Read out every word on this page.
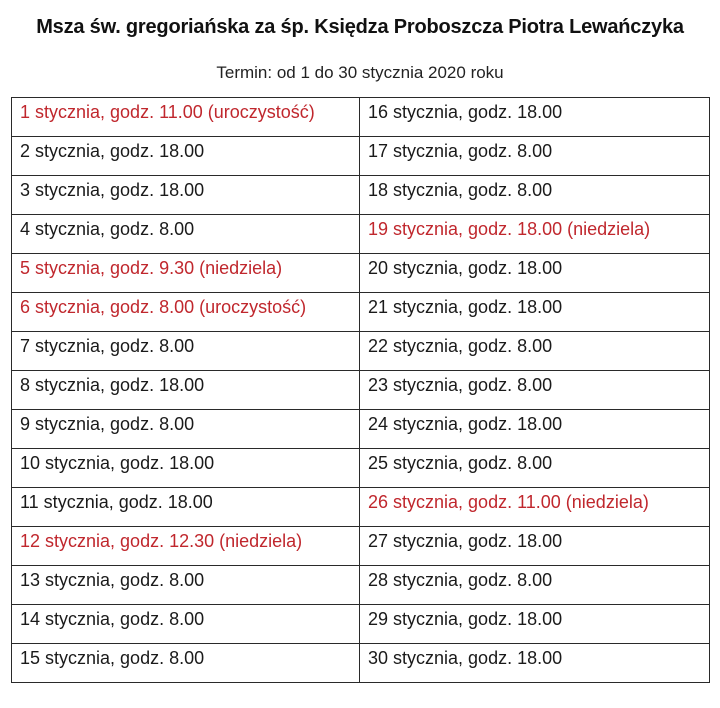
Msza św. gregoriańska za śp. Księdza Proboszcza Piotra Lewańczyka
Termin: od 1 do 30 stycznia 2020 roku
1 stycznia, godz. 11.00 (uroczystość)	16 stycznia, godz. 18.00
2 stycznia, godz. 18.00	17 stycznia, godz. 8.00
3 stycznia, godz. 18.00	18 stycznia, godz. 8.00
4 stycznia, godz. 8.00	19 stycznia, godz. 18.00 (niedziela)
5 stycznia, godz. 9.30 (niedziela)	20 stycznia, godz. 18.00
6 stycznia, godz. 8.00 (uroczystość)	21 stycznia, godz. 18.00
7 stycznia, godz. 8.00	22 stycznia, godz. 8.00
8 stycznia, godz. 18.00	23 stycznia, godz. 8.00
9 stycznia, godz. 8.00	24 stycznia, godz. 18.00
10 stycznia, godz. 18.00	25 stycznia, godz. 8.00
11 stycznia, godz. 18.00	26 stycznia, godz. 11.00 (niedziela)
12 stycznia, godz. 12.30 (niedziela)	27 stycznia, godz. 18.00
13 stycznia, godz. 8.00	28 stycznia, godz. 8.00
14 stycznia, godz. 8.00	29 stycznia, godz. 18.00
15 stycznia, godz. 8.00	30 stycznia, godz. 18.00
